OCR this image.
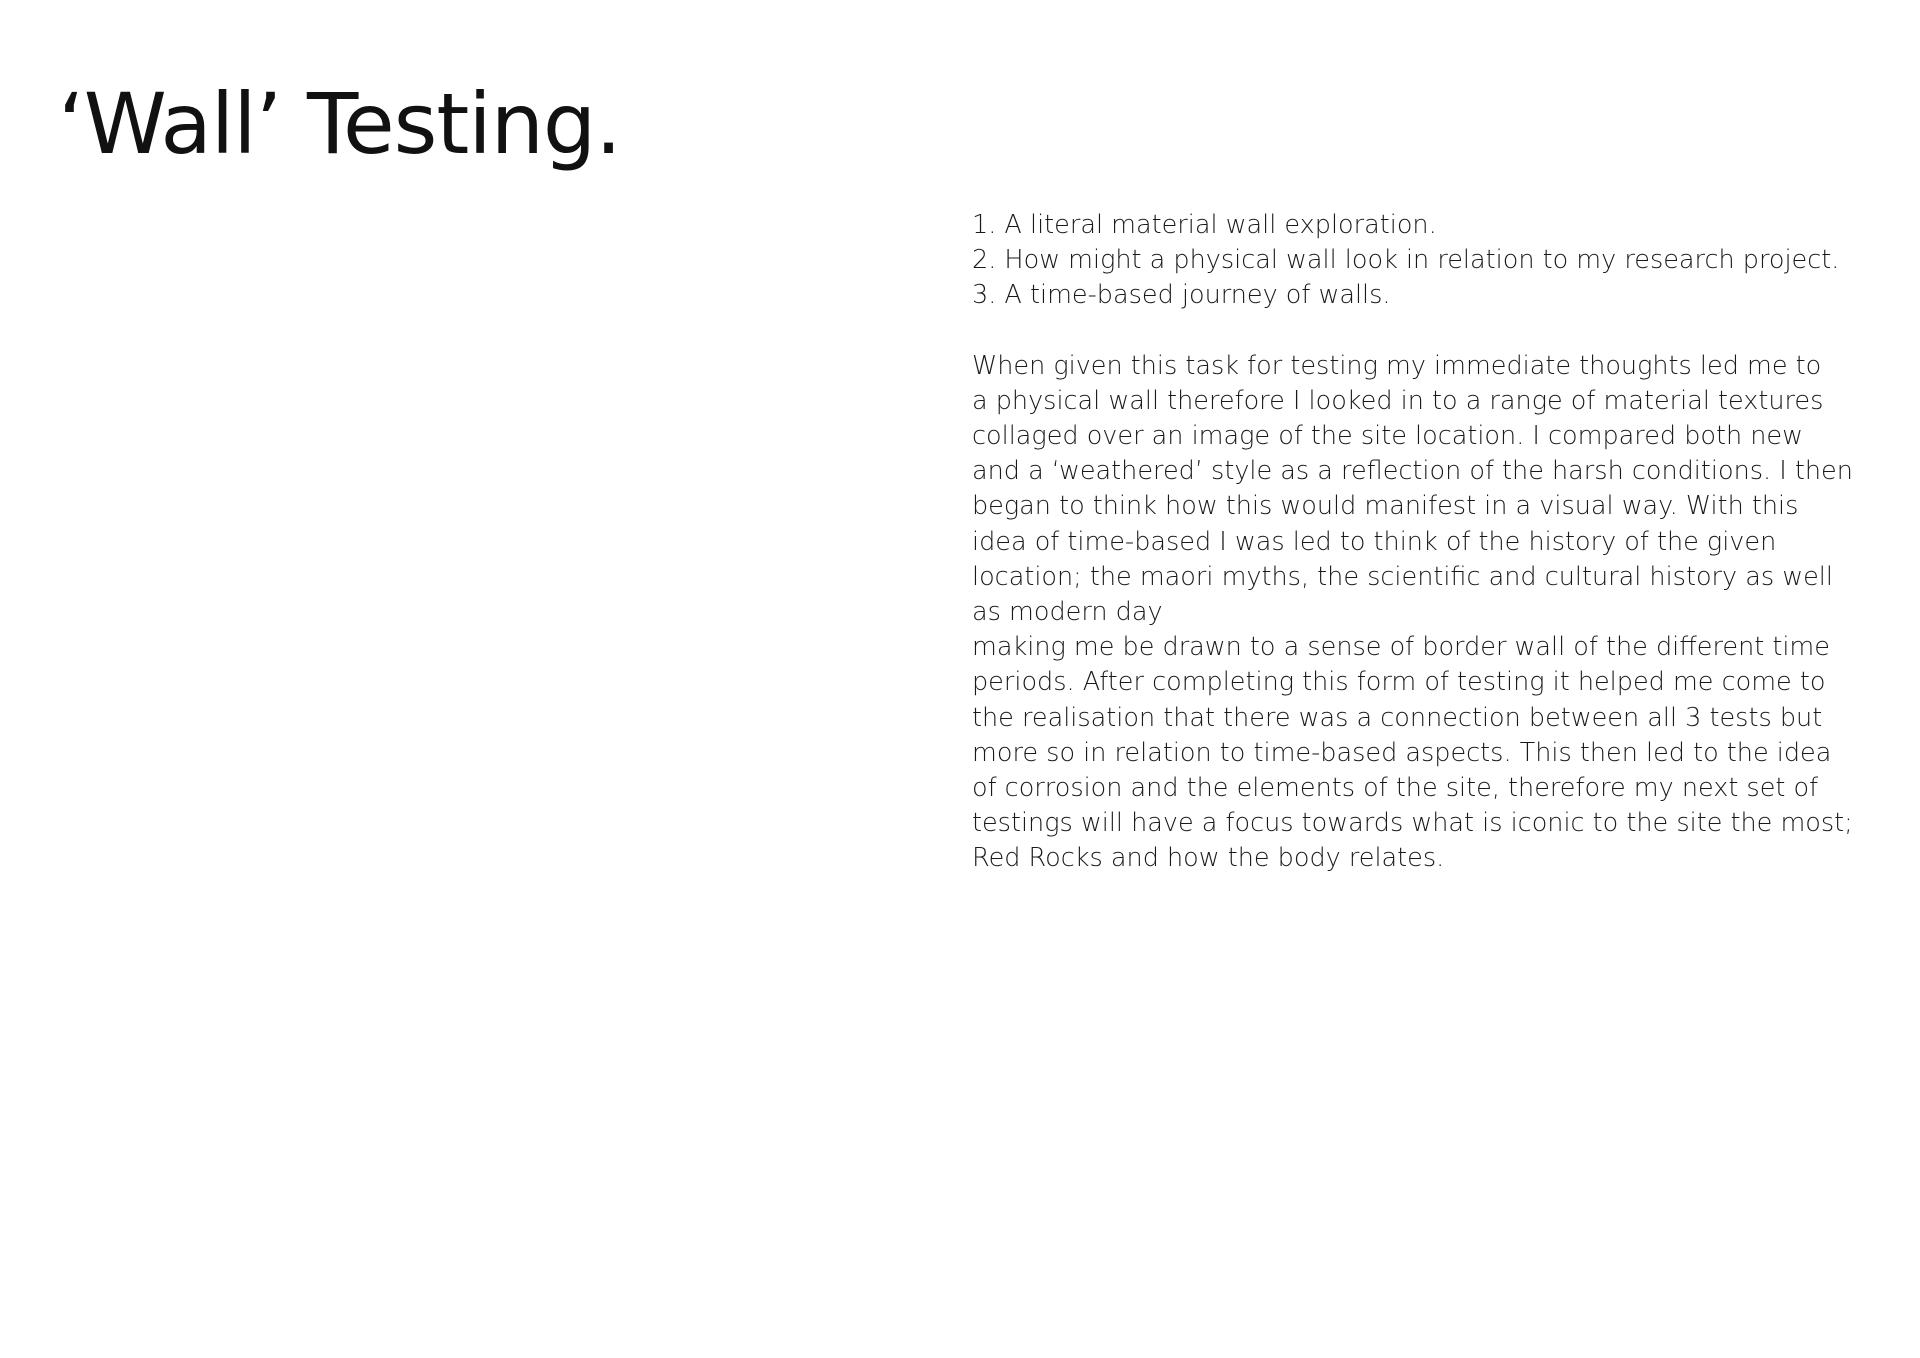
‘Wall’ Testing.
1. A literal material wall exploration.
2. How might a physical wall look in relation to my research project.
3. A time-based journey of walls.
When given this task for testing my immediate thoughts led me to
a physical wall therefore I looked in to a range of material textures
collaged over an image of the site location. I compared both new
and a ‘weathered’ style as a reflection of the harsh conditions. I then
began to think how this would manifest in a visual way. With this
idea of time-based I was led to think of the history of the given
location; the maori myths, the scientific and cultural history as well
as modern day
making me be drawn to a sense of border wall of the different time
periods. After completing this form of testing it helped me come to
the realisation that there was a connection between all 3 tests but
more so in relation to time-based aspects. This then led to the idea
of corrosion and the elements of the site, therefore my next set of
testings will have a focus towards what is iconic to the site the most;
Red Rocks and how the body relates.
